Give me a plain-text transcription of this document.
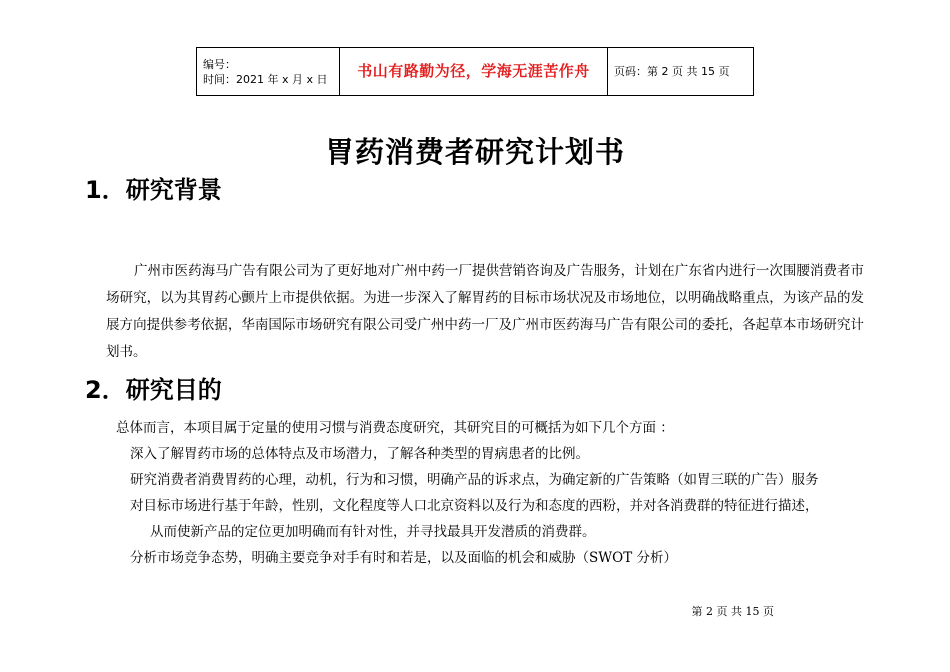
编号：
时间：2021 年 x 月 x 日	书山有路勤为径，学海无涯苦作舟	页码：第 2 页 共 15 页
胃药消费者研究计划书
1．研究背景
广州市医药海马广告有限公司为了更好地对广州中药一厂提供营销咨询及广告服务，计划在广东省内进行一次围腰消费者市场研究，以为其胃药心颤片上市提供依据。为进一步深入了解胃药的目标市场状况及市场地位，以明确战略重点，为该产品的发展方向提供参考依据，华南国际市场研究有限公司受广州中药一厂及广州市医药海马广告有限公司的委托，各起草本市场研究计划书。
2．研究目的
总体而言，本项目属于定量的使用习惯与消费态度研究，其研究目的可概括为如下几个方面 ：
深入了解胃药市场的总体特点及市场潜力，了解各种类型的胃病患者的比例。
研究消费者消费胃药的心理，动机，行为和习惯，明确产品的诉求点，为确定新的广告策略（如胃三联的广告）服务
对目标市场进行基于年龄，性别，文化程度等人口北京资料以及行为和态度的西粉，并对各消费群的特征进行描述，
从而使新产品的定位更加明确而有针对性，并寻找最具开发潜质的消费群。
分析市场竞争态势，明确主要竞争对手有时和若是，以及面临的机会和威胁（SWOT 分析）
第 2 页 共 15 页
